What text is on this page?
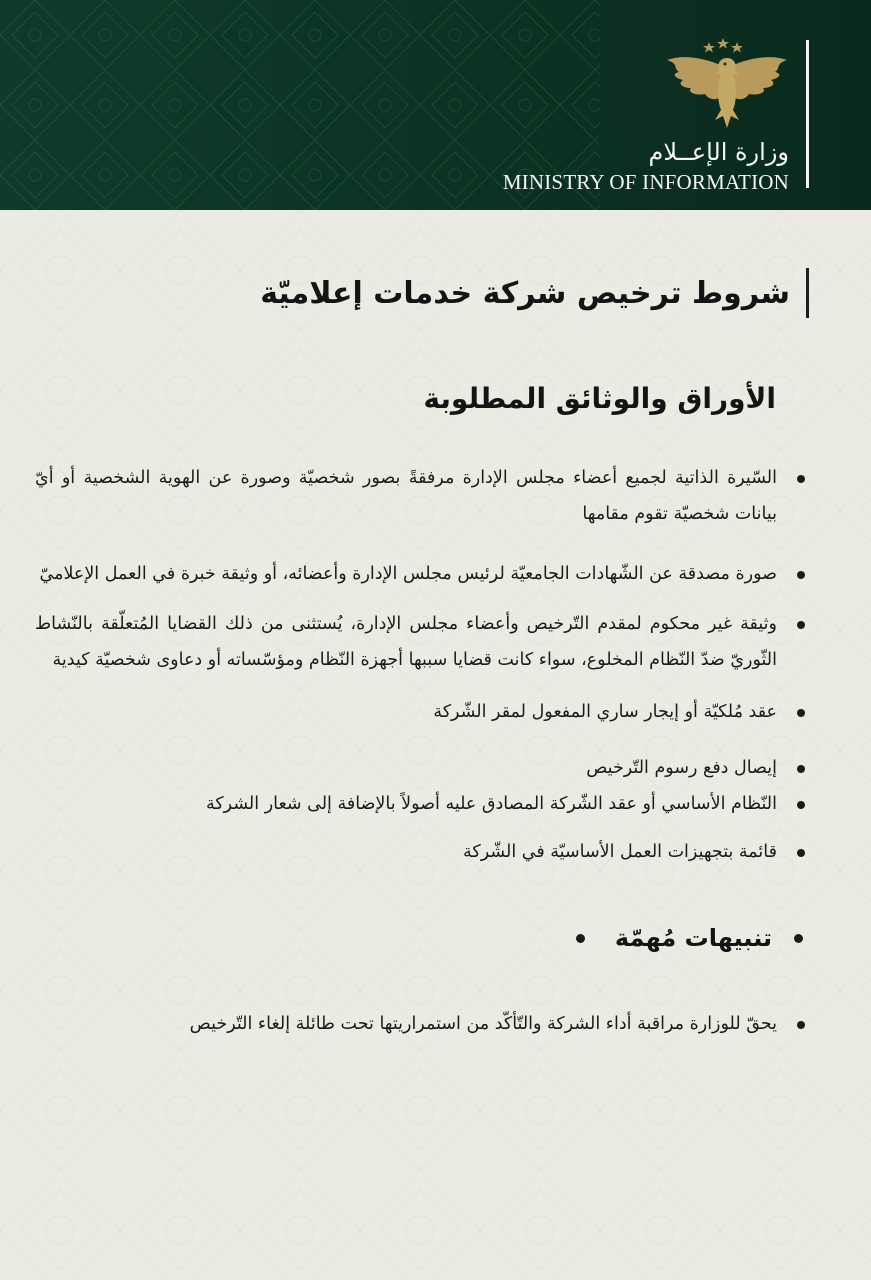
وزارة الإعــلام
MINISTRY OF INFORMATION
شروط ترخيص شركة خدمات إعلاميّة
الأوراق والوثائق المطلوبة
السّيرة الذاتية لجميع أعضاء مجلس الإدارة مرفقةً بصور شخصيّة وصورة عن الهوية الشخصية أو أيّ بيانات شخصيّة تقوم مقامها
صورة مصدقة عن الشّهادات الجامعيّة لرئيس مجلس الإدارة وأعضائه، أو وثيقة خبرة في العمل الإعلاميّ
وثيقة غير محكوم لمقدم التّرخيص وأعضاء مجلس الإدارة، يُستثنى من ذلك القضايا المُتعلّقة بالنّشاط الثّوريّ ضدّ النّظام المخلوع، سواء كانت قضايا سببها أجهزة النّظام ومؤسّساته أو دعاوى شخصيّة كيدية
عقد مُلكيّة أو إيجار ساري المفعول لمقر الشّركة
إيصال دفع رسوم التّرخيص
النّظام الأساسي أو عقد الشّركة المصادق عليه أصولاً بالإضافة إلى شعار الشركة
قائمة بتجهيزات العمل الأساسيّة في الشّركة
تنبيهات مُهمّة
يحقّ للوزارة مراقبة أداء الشركة والتّأكّد من استمراريتها تحت طائلة إلغاء التّرخيص
